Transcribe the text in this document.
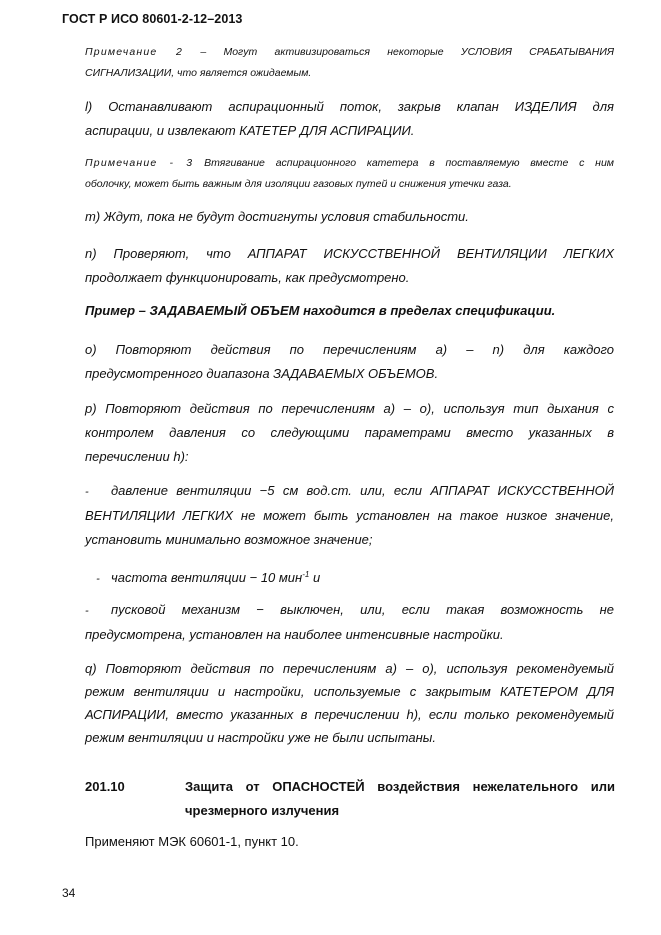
ГОСТ Р ИСО 80601-2-12–2013
Примечание 2 – Могут активизироваться некоторые УСЛОВИЯ СРАБАТЫВАНИЯ
СИГНАЛИЗАЦИИ, что является ожидаемым.
l) Останавливают аспирационный поток, закрыв клапан ИЗДЕЛИЯ для
аспирации, и извлекают КАТЕТЕР ДЛЯ АСПИРАЦИИ.
Примечание - 3 Втягивание аспирационного катетера в поставляемую вместе с ним
оболочку, может быть важным для изоляции газовых путей и снижения утечки газа.
m) Ждут, пока не будут достигнуты условия стабильности.
n) Проверяют, что АППАРАТ ИСКУССТВЕННОЙ ВЕНТИЛЯЦИИ ЛЕГКИХ
продолжает функционировать, как предусмотрено.
Пример – ЗАДАВАЕМЫЙ ОБЪЕМ находится в пределах спецификации.
o) Повторяют действия по перечислениям а) – n) для каждого
предусмотренного диапазона ЗАДАВАЕМЫХ ОБЪЕМОВ.
p) Повторяют действия по перечислениям а) – о), используя тип дыхания с
контролем давления со следующими параметрами вместо указанных в
перечислении h):
- давление вентиляции −5 см вод.ст. или, если АППАРАТ ИСКУССТВЕННОЙ
ВЕНТИЛЯЦИИ ЛЕГКИХ не может быть установлен на такое низкое значение,
установить минимально возможное значение;
- частота вентиляции − 10 мин$^{-1}$ и
- пусковой механизм − выключен, или, если такая возможность не
предусмотрена, установлен на наиболее интенсивные настройки.
q) Повторяют действия по перечислениям а) – о), используя рекомендуемый
режим вентиляции и настройки, используемые с закрытым КАТЕТЕРОМ ДЛЯ
АСПИРАЦИИ, вместо указанных в перечислении h), если только рекомендуемый
режим вентиляции и настройки уже не были испытаны.
201.10	Защита от ОПАСНОСТЕЙ воздействия нежелательного или
чрезмерного излучения
Применяют МЭК 60601-1, пункт 10.
34
